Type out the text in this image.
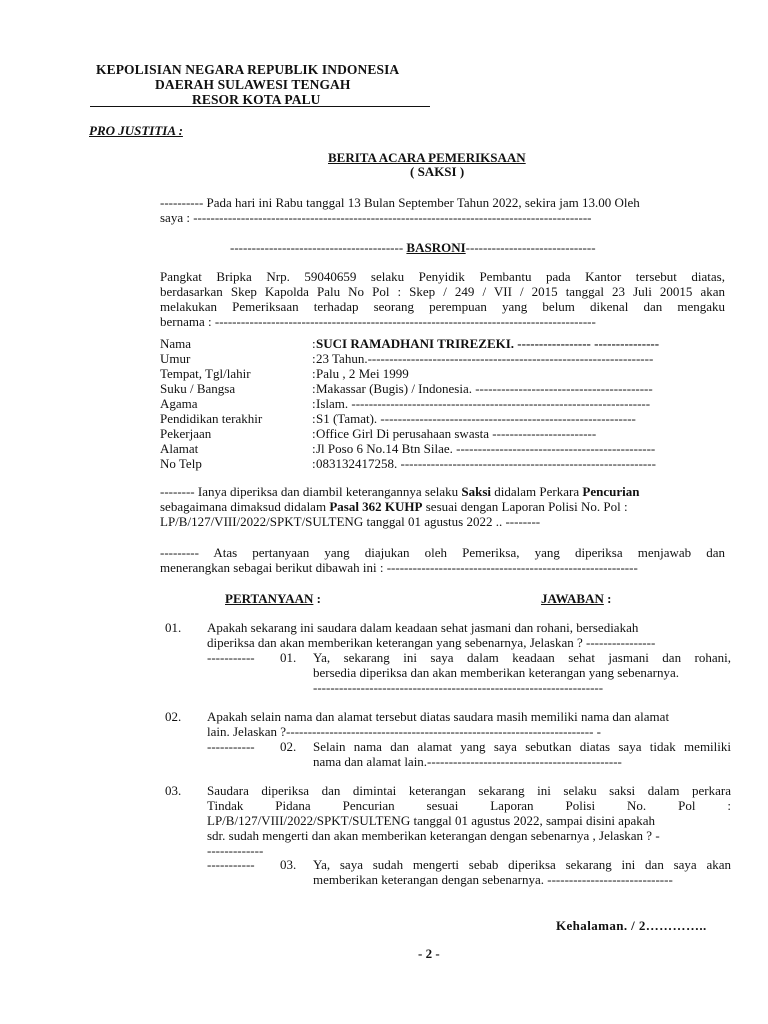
KEPOLISIAN NEGARA REPUBLIK INDONESIA
DAERAH SULAWESI TENGAH
RESOR KOTA PALU
PRO JUSTITIA :
BERITA ACARA PEMERIKSAAN
( SAKSI )
---------- Pada hari ini Rabu tanggal 13 Bulan September Tahun 2022, sekira jam 13.00 Oleh
saya : --------------------------------------------------------------------------------------------
---------------------------------------- BASRONI------------------------------
Pangkat Bripka Nrp. 59040659 selaku Penyidik Pembantu pada Kantor tersebut diatas,
berdasarkan Skep Kapolda Palu No Pol : Skep / 249 / VII / 2015 tanggal 23 Juli 20015 akan
melakukan Pemeriksaan terhadap seorang perempuan yang belum dikenal dan mengaku
bernama : ----------------------------------------------------------------------------------------
Nama	: SUCI RAMADHANI TRIREZEKI. ----------------- ---------------
Umur	: 23 Tahun.------------------------------------------------------------------
Tempat, Tgl/lahir	: Palu , 2 Mei 1999
Suku / Bangsa	: Makassar (Bugis) / Indonesia. -----------------------------------------
Agama	: Islam. ---------------------------------------------------------------------
Pendidikan terakhir	: S1 (Tamat). -----------------------------------------------------------
Pekerjaan	: Office Girl Di perusahaan swasta ------------------------
Alamat	: Jl Poso 6 No.14 Btn Silae. ----------------------------------------------
No Telp	: 083132417258. -----------------------------------------------------------
-------- Ianya diperiksa dan diambil keterangannya selaku Saksi didalam Perkara Pencurian
sebagaimana dimaksud didalam Pasal 362 KUHP sesuai dengan Laporan Polisi No. Pol :
LP/B/127/VIII/2022/SPKT/SULTENG tanggal 01 agustus 2022 .. --------
--------- Atas pertanyaan yang diajukan oleh Pemeriksa, yang diperiksa menjawab dan
menerangkan sebagai berikut dibawah ini : ----------------------------------------------------------
PERTANYAAN :	JAWABAN :
01. Apakah sekarang ini saudara dalam keadaan sehat jasmani dan rohani, bersediakah
diperiksa dan akan memberikan keterangan yang sebenarnya, Jelaskan ? ----------------
----------- 01. Ya, sekarang ini saya dalam keadaan sehat jasmani dan rohani,
bersedia diperiksa dan akan memberikan keterangan yang sebenarnya.
-------------------------------------------------------------------
02. Apakah selain nama dan alamat tersebut diatas saudara masih memiliki nama dan alamat
lain. Jelaskan ?----------------------------------------------------------------------- -
----------- 02. Selain nama dan alamat yang saya sebutkan diatas saya tidak memiliki
nama dan alamat lain.---------------------------------------------
03. Saudara diperiksa dan dimintai keterangan sekarang ini selaku saksi dalam perkara
Tindak Pidana Pencurian sesuai Laporan Polisi No. Pol :
LP/B/127/VIII/2022/SPKT/SULTENG tanggal 01 agustus 2022, sampai disini apakah
sdr. sudah mengerti dan akan memberikan keterangan dengan sebenarnya , Jelaskan ? -
-------------
----------- 03. Ya, saya sudah mengerti sebab diperiksa sekarang ini dan saya akan
memberikan keterangan dengan sebenarnya. -----------------------------
Kehalaman. / 2…………..
- 2 -
